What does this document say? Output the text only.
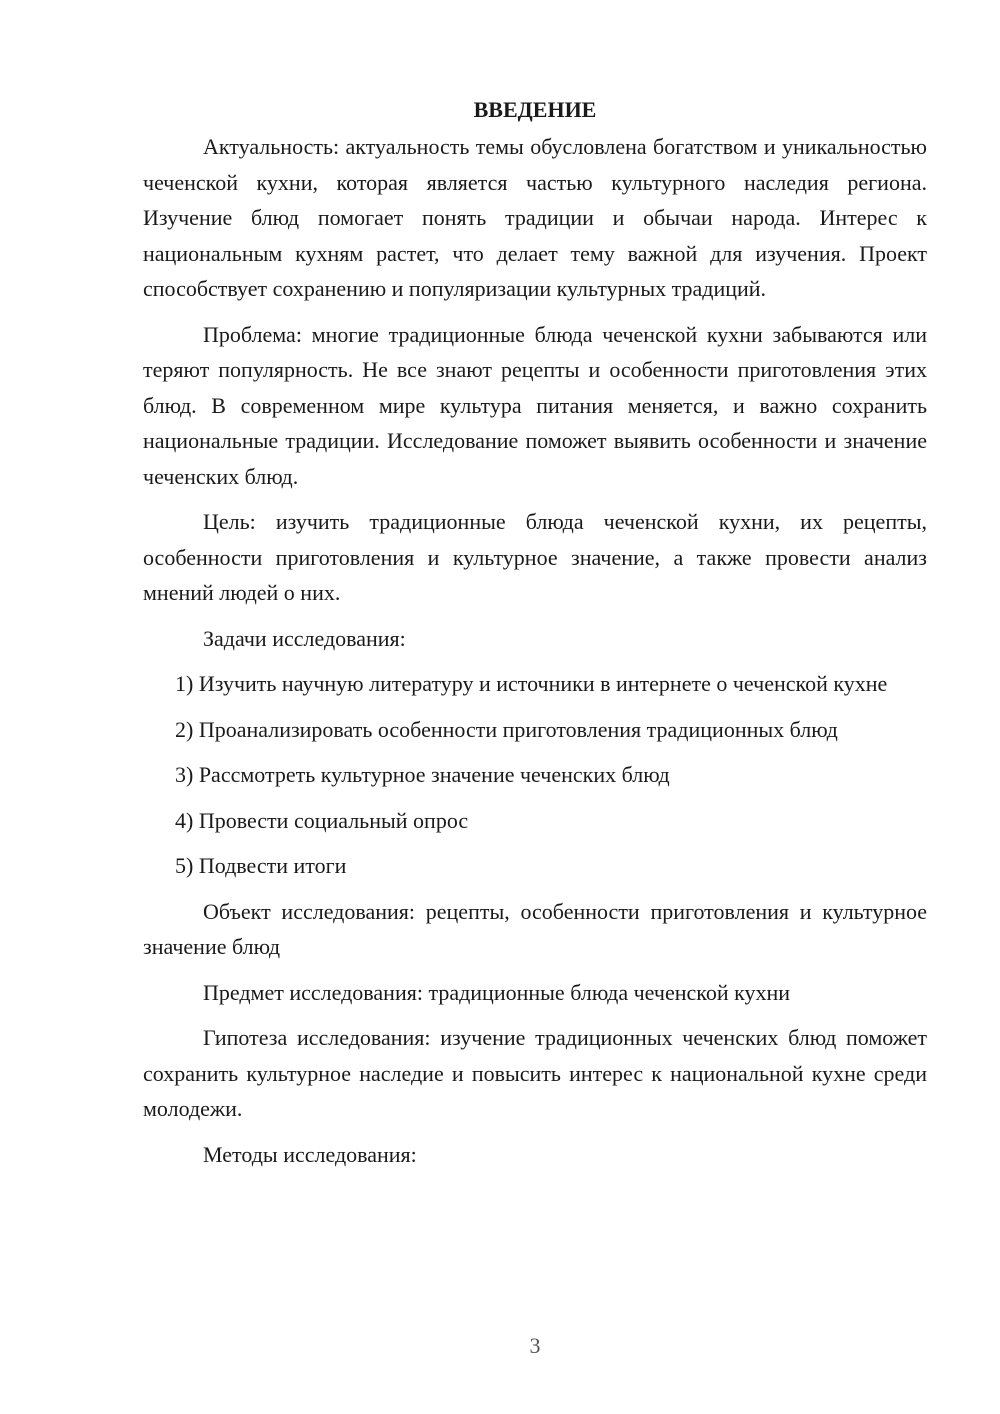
ВВЕДЕНИЕ

Актуальность: актуальность темы обусловлена богатством и уникальностью чеченской кухни, которая является частью культурного наследия региона. Изучение блюд помогает понять традиции и обычаи народа. Интерес к национальным кухням растет, что делает тему важной для изучения. Проект способствует сохранению и популяризации культурных традиций.

Проблема: многие традиционные блюда чеченской кухни забываются или теряют популярность. Не все знают рецепты и особенности приготовления этих блюд. В современном мире культура питания меняется, и важно сохранить национальные традиции. Исследование поможет выявить особенности и значение чеченских блюд.

Цель: изучить традиционные блюда чеченской кухни, их рецепты, особенности приготовления и культурное значение, а также провести анализ мнений людей о них.

Задачи исследования:

1) Изучить научную литературу и источники в интернете о чеченской кухне

2) Проанализировать особенности приготовления традиционных блюд

3) Рассмотреть культурное значение чеченских блюд

4) Провести социальный опрос

5) Подвести итоги

Объект исследования: рецепты, особенности приготовления и культурное значение блюд

Предмет исследования: традиционные блюда чеченской кухни

Гипотеза исследования: изучение традиционных чеченских блюд поможет сохранить культурное наследие и повысить интерес к национальной кухне среди молодежи.

Методы исследования:

3
